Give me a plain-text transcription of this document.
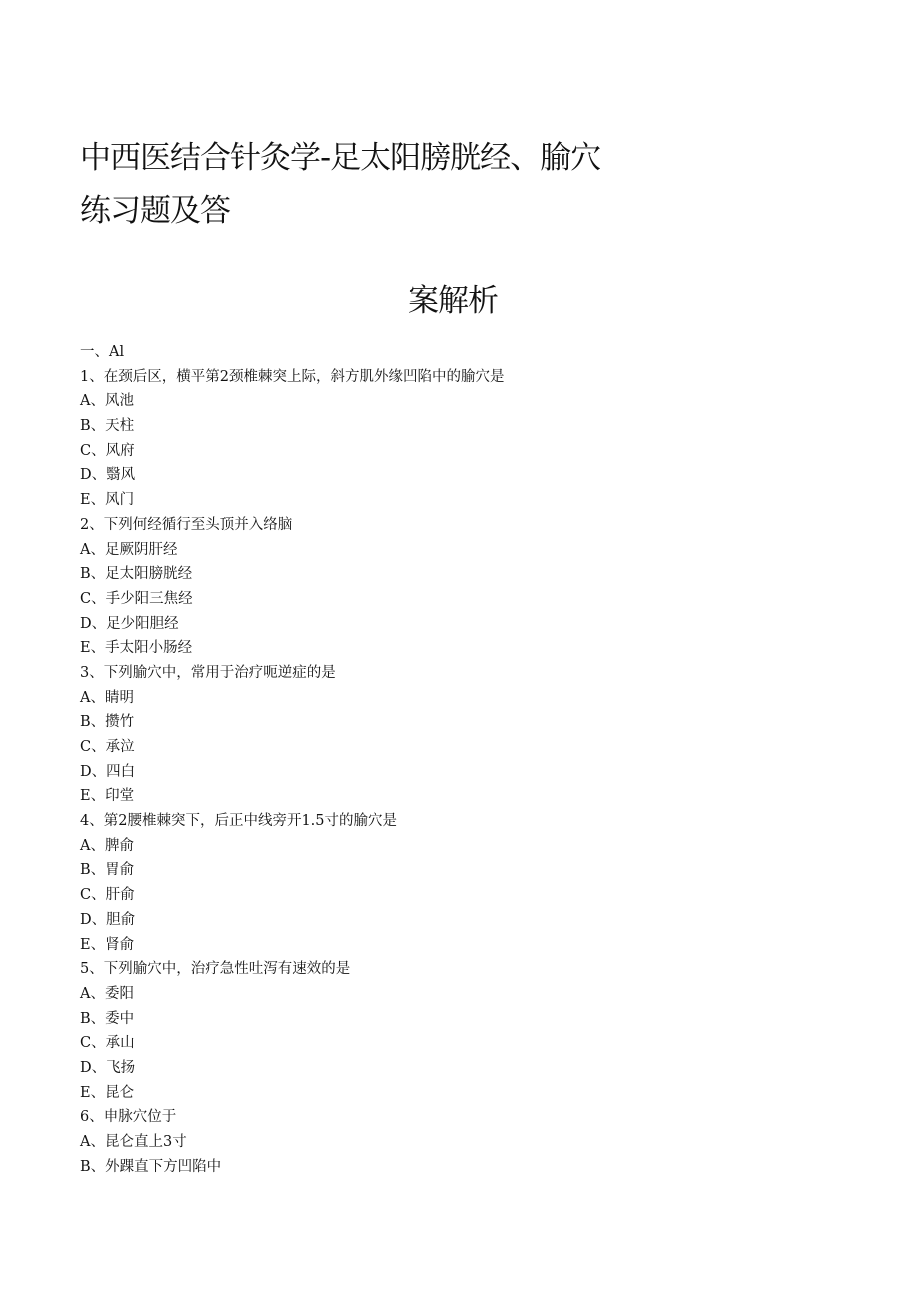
中西医结合针灸学-足太阳膀胱经、腧穴
练习题及答
案解析
一、Al
1、在颈后区，横平第2颈椎棘突上际，斜方肌外缘凹陷中的腧穴是
A、风池
B、天柱
C、风府
D、翳风
E、风门
2、下列何经循行至头顶并入络脑
A、足厥阴肝经
B、足太阳膀胱经
C、手少阳三焦经
D、足少阳胆经
E、手太阳小肠经
3、下列腧穴中，常用于治疗呃逆症的是
A、睛明
B、攒竹
C、承泣
D、四白
E、印堂
4、第2腰椎棘突下，后正中线旁开1.5寸的腧穴是
A、脾俞
B、胃俞
C、肝俞
D、胆俞
E、肾俞
5、下列腧穴中，治疗急性吐泻有速效的是
A、委阳
B、委中
C、承山
D、飞扬
E、昆仑
6、申脉穴位于
A、昆仑直上3寸
B、外踝直下方凹陷中
